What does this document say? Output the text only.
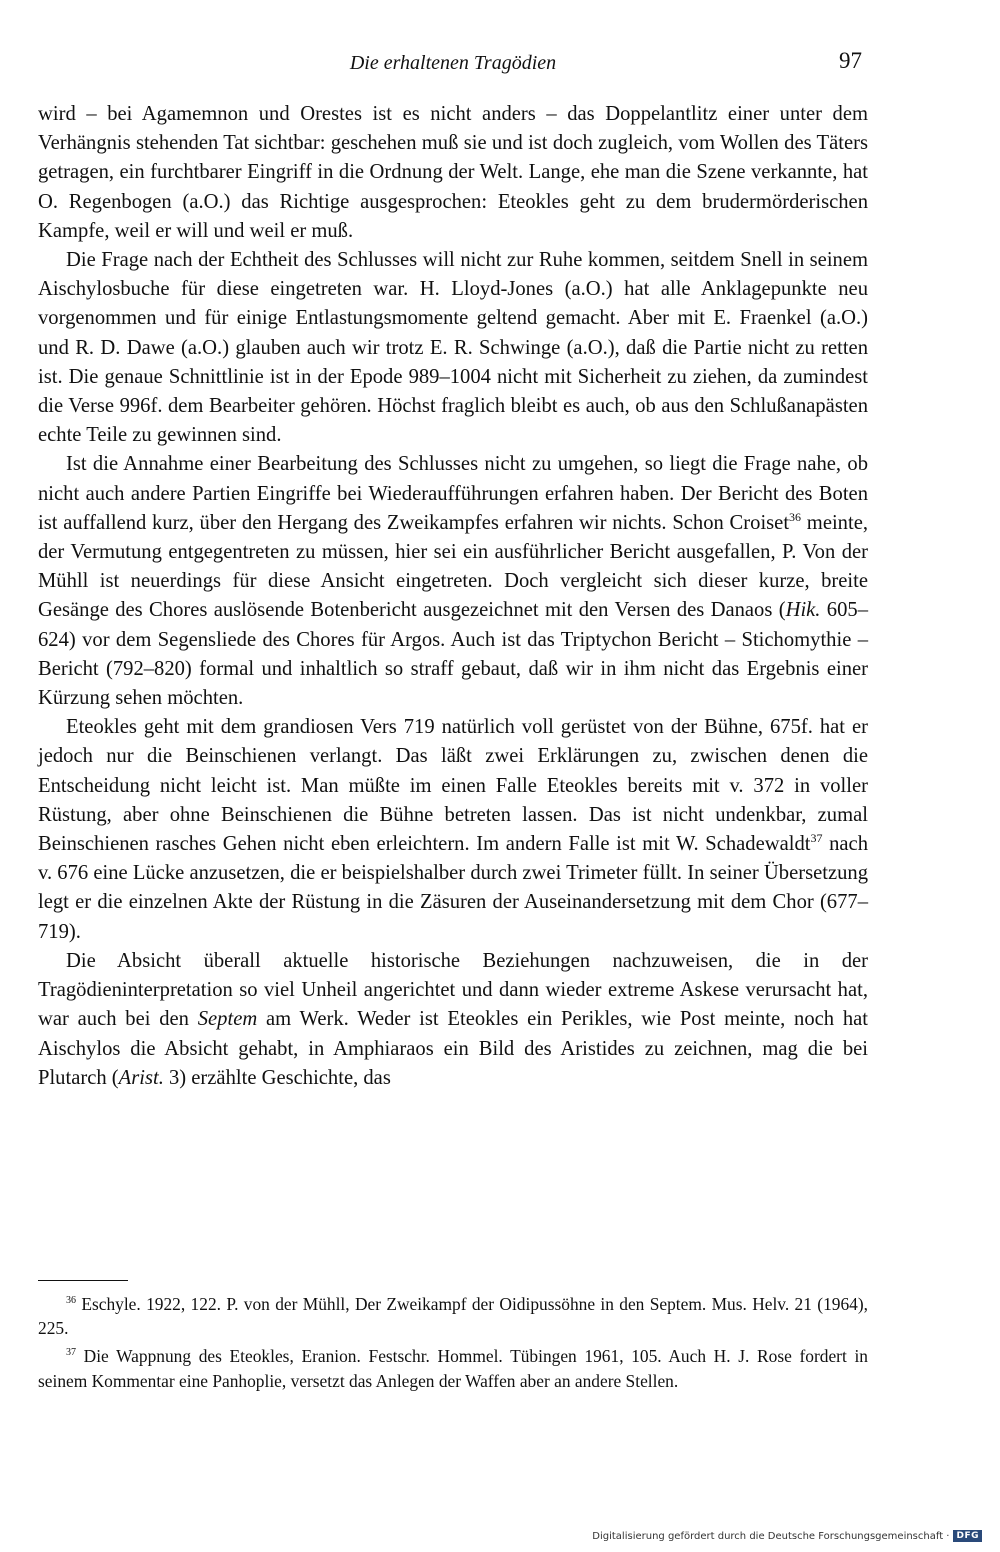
Die erhaltenen Tragödien	97

wird – bei Agamemnon und Orestes ist es nicht anders – das Doppelantlitz einer unter dem Verhängnis stehenden Tat sichtbar: geschehen muß sie und ist doch zugleich, vom Wollen des Täters getragen, ein furchtbarer Eingriff in die Ordnung der Welt. Lange, ehe man die Szene verkannte, hat O. Regenbogen (a.O.) das Richtige ausgesprochen: Eteokles geht zu dem brudermörderischen Kampfe, weil er will und weil er muß.

Die Frage nach der Echtheit des Schlusses will nicht zur Ruhe kommen, seitdem Snell in seinem Aischylosbuche für diese eingetreten war. H. Lloyd-Jones (a.O.) hat alle Anklagepunkte neu vorgenommen und für einige Entlastungsmomente geltend gemacht. Aber mit E. Fraenkel (a.O.) und R. D. Dawe (a.O.) glauben auch wir trotz E. R. Schwinge (a.O.), daß die Partie nicht zu retten ist. Die genaue Schnittlinie ist in der Epode 989–1004 nicht mit Sicherheit zu ziehen, da zumindest die Verse 996f. dem Bearbeiter gehören. Höchst fraglich bleibt es auch, ob aus den Schlußanapästen echte Teile zu gewinnen sind.

Ist die Annahme einer Bearbeitung des Schlusses nicht zu umgehen, so liegt die Frage nahe, ob nicht auch andere Partien Eingriffe bei Wiederaufführungen erfahren haben. Der Bericht des Boten ist auffallend kurz, über den Hergang des Zweikampfes erfahren wir nichts. Schon Croiset$^{36}$ meinte, der Vermutung entgegentreten zu müssen, hier sei ein ausführlicher Bericht ausgefallen, P. Von der Mühll ist neuerdings für diese Ansicht eingetreten. Doch vergleicht sich dieser kurze, breite Gesänge des Chores auslösende Botenbericht ausgezeichnet mit den Versen des Danaos (Hik. 605–624) vor dem Segensliede des Chores für Argos. Auch ist das Triptychon Bericht – Stichomythie – Bericht (792–820) formal und inhaltlich so straff gebaut, daß wir in ihm nicht das Ergebnis einer Kürzung sehen möchten.

Eteokles geht mit dem grandiosen Vers 719 natürlich voll gerüstet von der Bühne, 675f. hat er jedoch nur die Beinschienen verlangt. Das läßt zwei Erklärungen zu, zwischen denen die Entscheidung nicht leicht ist. Man müßte im einen Falle Eteokles bereits mit v. 372 in voller Rüstung, aber ohne Beinschienen die Bühne betreten lassen. Das ist nicht undenkbar, zumal Beinschienen rasches Gehen nicht eben erleichtern. Im andern Falle ist mit W. Schadewaldt$^{37}$ nach v. 676 eine Lücke anzusetzen, die er beispielshalber durch zwei Trimeter füllt. In seiner Übersetzung legt er die einzelnen Akte der Rüstung in die Zäsuren der Auseinandersetzung mit dem Chor (677–719).

Die Absicht überall aktuelle historische Beziehungen nachzuweisen, die in der Tragödieninterpretation so viel Unheil angerichtet und dann wieder extreme Askese verursacht hat, war auch bei den Septem am Werk. Weder ist Eteokles ein Perikles, wie Post meinte, noch hat Aischylos die Absicht gehabt, in Amphiaraos ein Bild des Aristides zu zeichnen, mag die bei Plutarch (Arist. 3) erzählte Geschichte, das

$^{36}$ Eschyle. 1922, 122. P. von der Mühll, Der Zweikampf der Oidipussöhne in den Septem. Mus. Helv. 21 (1964), 225.

$^{37}$ Die Wappnung des Eteokles, Eranion. Festschr. Hommel. Tübingen 1961, 105. Auch H. J. Rose fordert in seinem Kommentar eine Panhoplie, versetzt das Anlegen der Waffen aber an andere Stellen.

Digitalisierung gefördert durch die Deutsche Forschungsgemeinschaft · DFG
